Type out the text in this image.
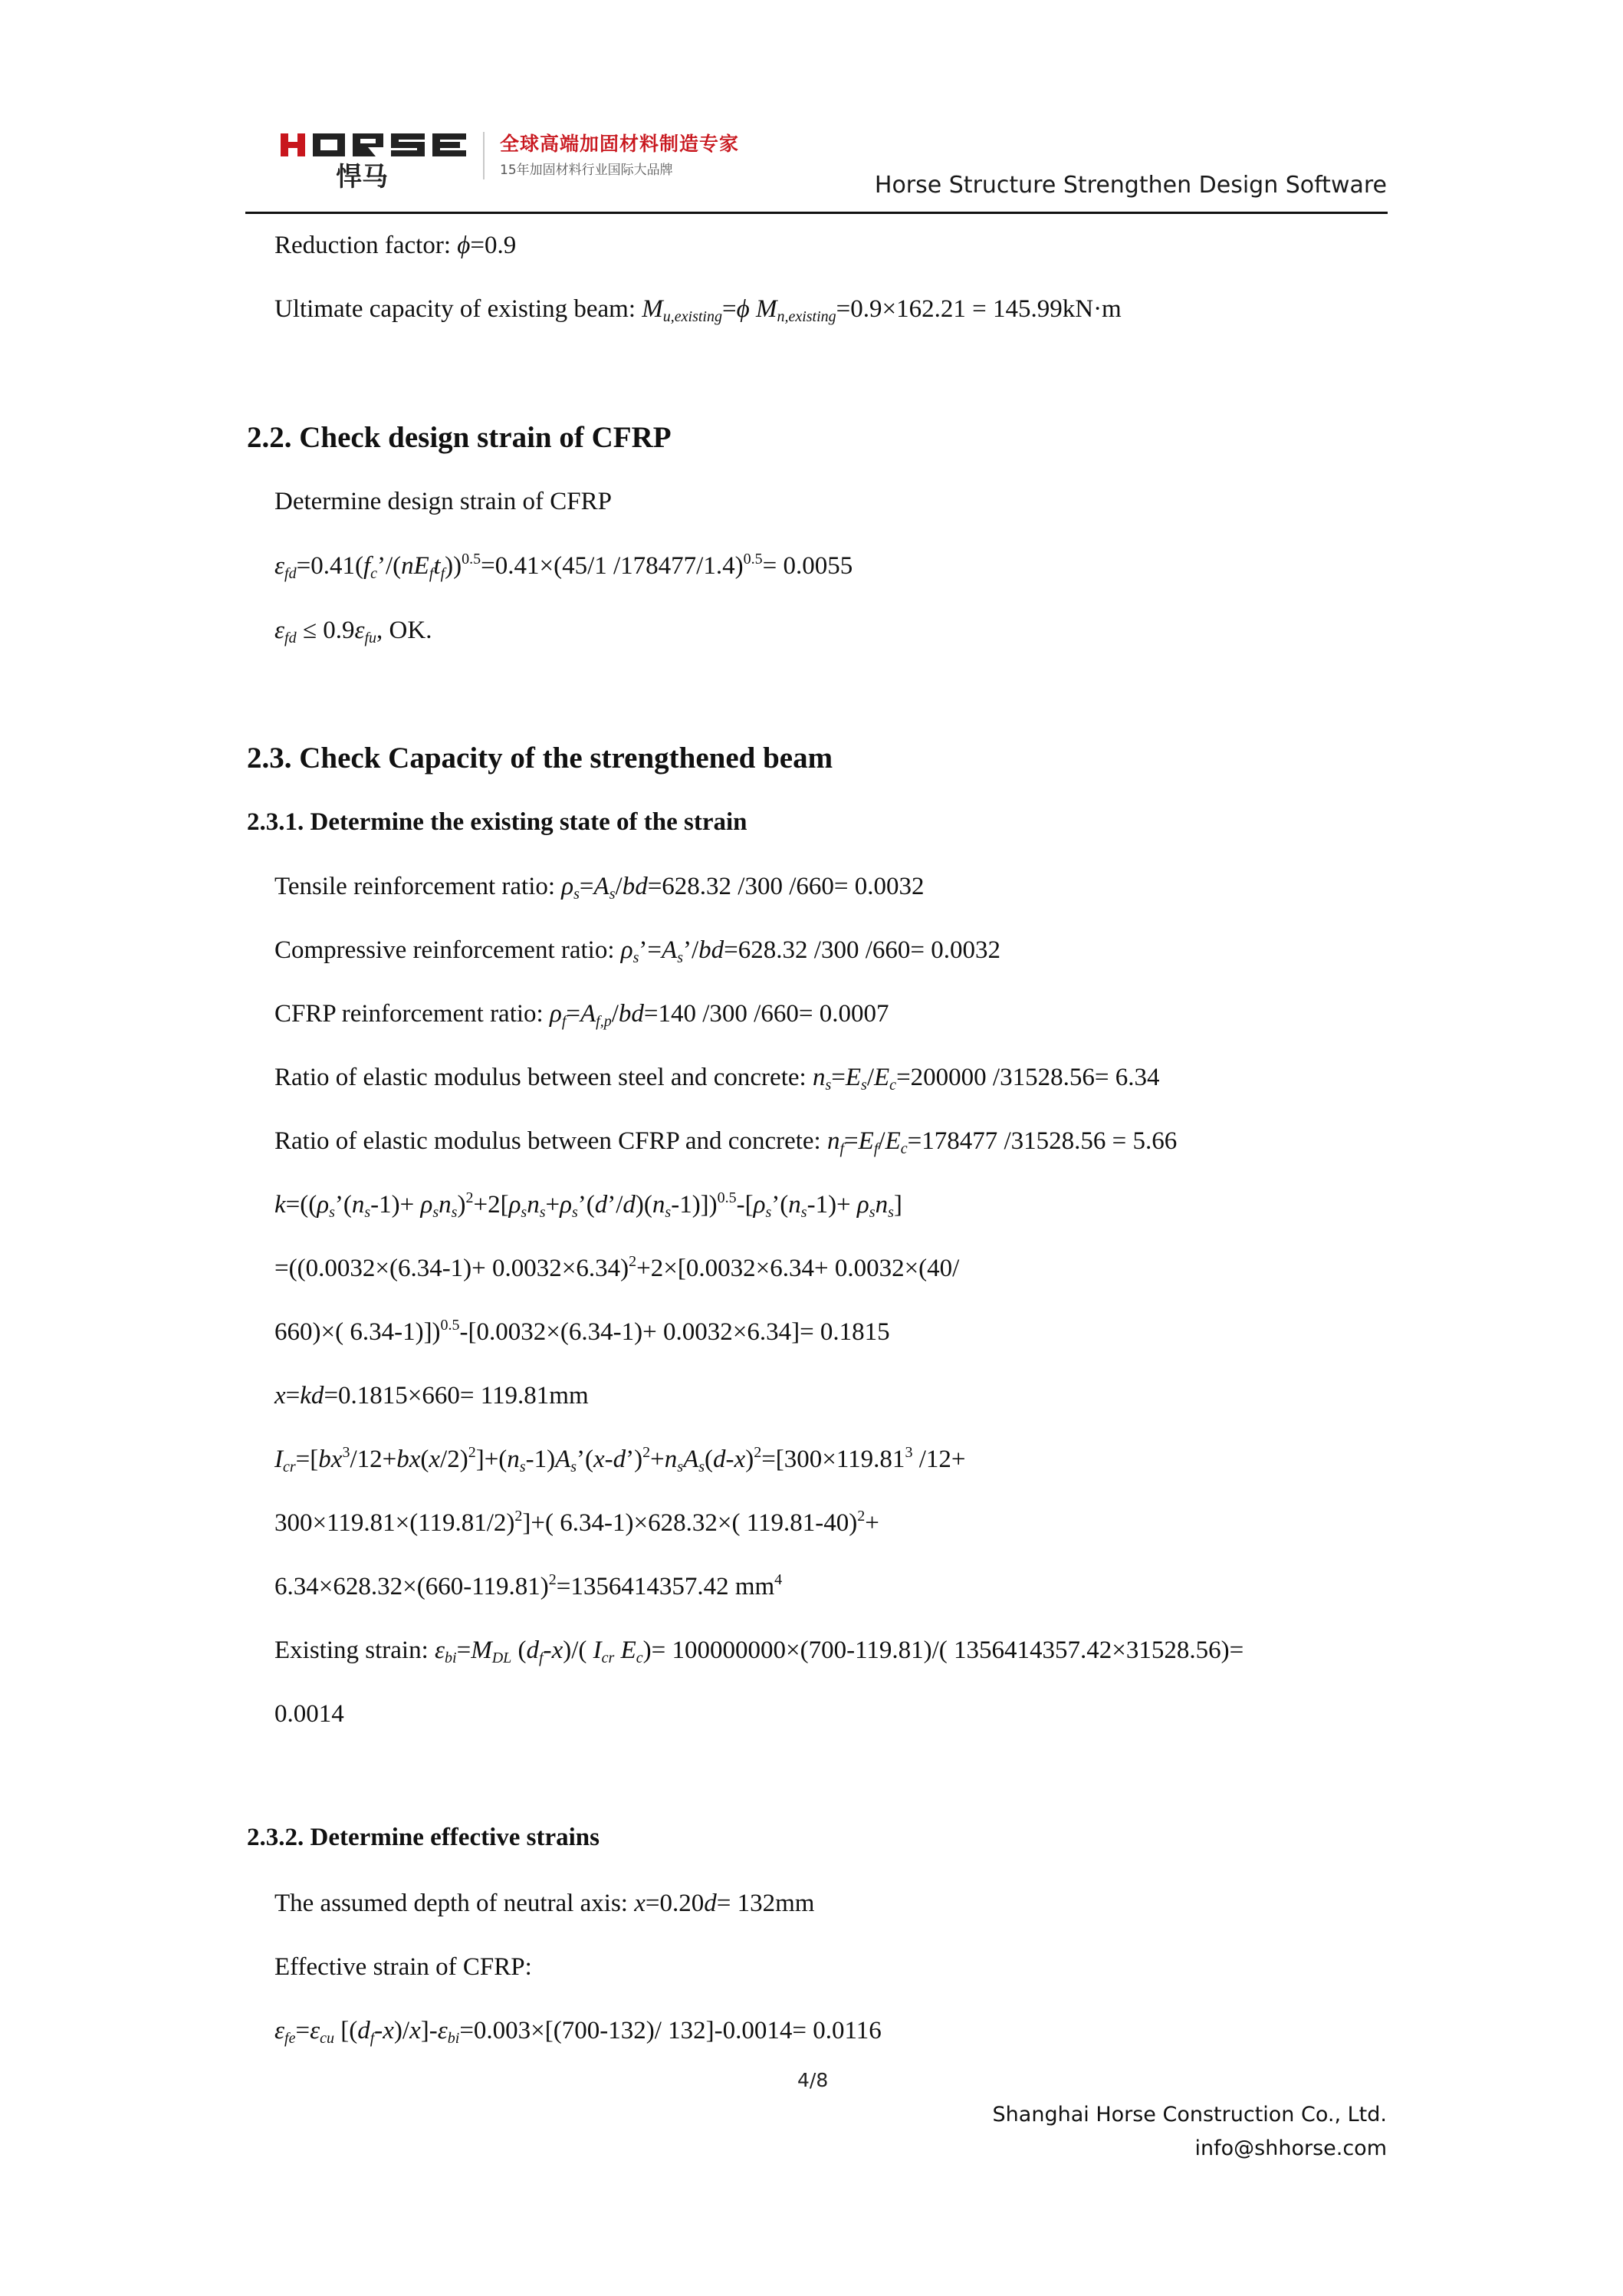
悍马
全球高端加固材料制造专家
15年加固材料行业国际大品牌
Horse Structure Strengthen Design Software
Reduction factor: ϕ=0.9
Ultimate capacity of existing beam: $M_{u,existing}=\phi$ $M_{n,existing}=0.9\times 162.21 = 145.99kN\cdot m$
2.2. Check design strain of CFRP
Determine design strain of CFRP
$\varepsilon_{fd}=0.41(f_c’/(nE_ft_f))^{0.5}=0.41\times(45/1$ /178477/1.4)$^{0.5}$= 0.0055
$\varepsilon_{fd} \le 0.9\varepsilon_{fu}$, OK.
2.3. Check Capacity of the strengthened beam
2.3.1. Determine the existing state of the strain
Tensile reinforcement ratio: $\rho_s=A_s/bd=628.32$ /300 /660= 0.0032
Compressive reinforcement ratio: $\rho_s’=A_s’/bd=628.32$ /300 /660= 0.0032
CFRP reinforcement ratio: $\rho_f=A_{f,p}/bd=140$ /300 /660= 0.0007
Ratio of elastic modulus between steel and concrete: $n_s=E_s/E_c=200000$ /31528.56= 6.34
Ratio of elastic modulus between CFRP and concrete: $n_f=E_f/E_c=178477$ /31528.56 = 5.66
$k=((\rho_s’(n_s-1)+$ $\rho_sn_s)^2+2[\rho_sn_s+\rho_s’(d’/d)(n_s-1)])^{0.5}-[\rho_s’(n_s-1)+ \rho_sn_s]$
$=((0.0032\times(6.34-1)+ 0.0032\times 6.34)^2+2\times[0.0032\times 6.34+ 0.0032\times(40/$
660)×( 6.34-1)])$^{0.5}$-[0.0032×(6.34-1)+ 0.0032×6.34]= 0.1815
x=kd=0.1815×660= 119.81mm
$I_{cr}=[bx^3/12+bx(x/2)^2]+(n_s-1)A_s’(x-d’)^2+n_sA_s(d-x)^2=[300\times 119.81^3$ /12+
$300\times 119.81\times(119.81/2)^2]+$( 6.34-1)×628.32×( 119.81-40)$^2$+
$6.34\times 628.32\times(660-119.81)^2=1356414357.42$ $mm^4$
Existing strain: $\varepsilon_{bi}=M_{DL}$ $(d_f-x)/$( $I_{cr}$ $E_c)= 100000000\times(700-119.81)/$( 1356414357.42×31528.56)=
0.0014
2.3.2. Determine effective strains
The assumed depth of neutral axis: x=0.20d= 132mm
Effective strain of CFRP:
$\varepsilon_{fe}=\varepsilon_{cu}$ $[(d_f-x)/x]-\varepsilon_{bi}=0.003\times[(700-132)/$ 132]-0.0014= 0.0116
4/8
Shanghai Horse Construction Co., Ltd.
info@shhorse.com
